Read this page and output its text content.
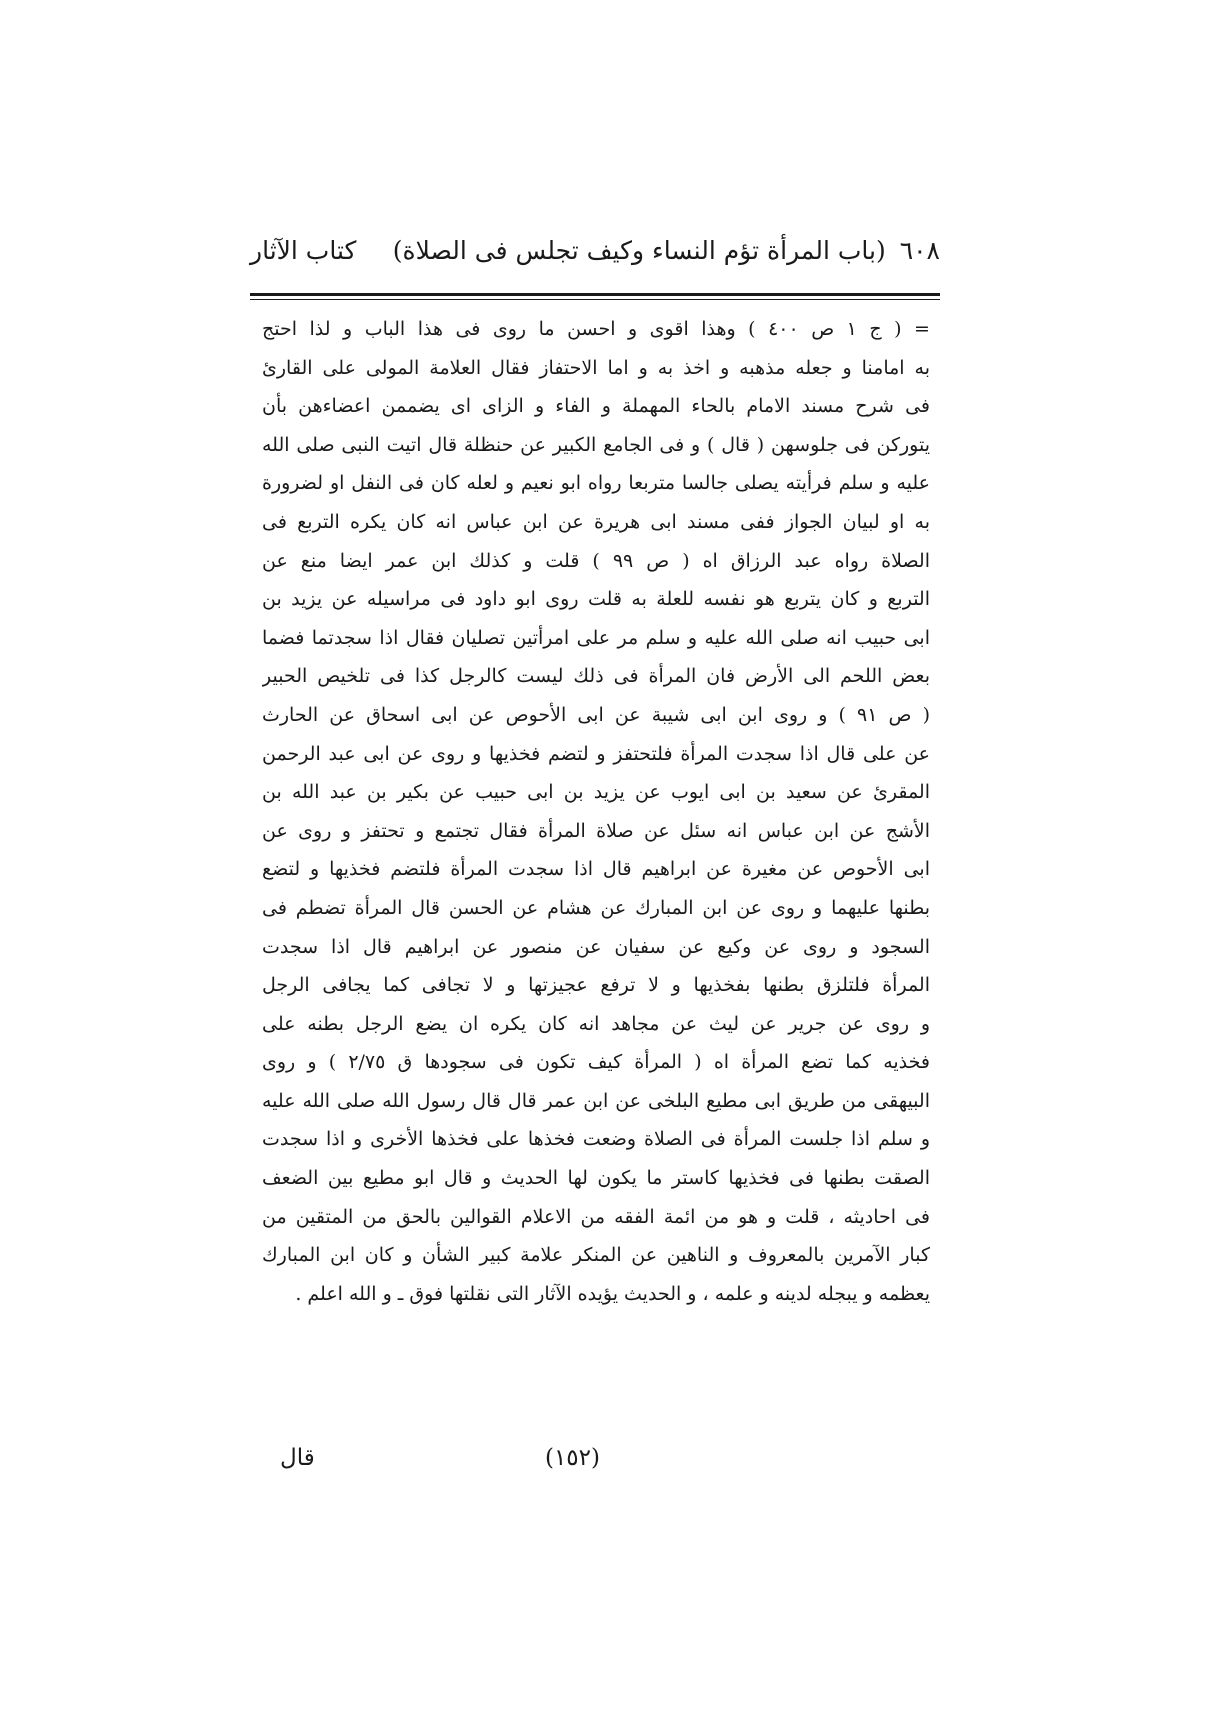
٦٠٨
(باب المرأة تؤم النساء وكيف تجلس فى الصلاة)
كتاب الآثار
= ( ج ١ ص ٤٠٠ ) وهذا اقوى و احسن ما روى فى هذا الباب و لذا احتج
به امامنا و جعله مذهبه و اخذ به و اما الاحتفاز فقال العلامة المولى على القارئ
فى شرح مسند الامام بالحاء المهملة و الفاء و الزاى اى يضممن اعضاءهن بأن
يتوركن فى جلوسهن ( قال ) و فى الجامع الكبير عن حنظلة قال اتيت النبى صلى الله
عليه و سلم فرأيته يصلى جالسا متربعا رواه ابو نعيم و لعله كان فى النفل او لضرورة
به او لبيان الجواز ففى مسند ابى هريرة عن ابن عباس انه كان يكره التربع فى
الصلاة رواه عبد الرزاق اه ( ص ٩٩ ) قلت و كذلك ابن عمر ايضا منع عن
التربع و كان يتربع هو نفسه للعلة به قلت روى ابو داود فى مراسيله عن يزيد بن
ابى حبيب انه صلى الله عليه و سلم مر على امرأتين تصليان فقال اذا سجدتما فضما
بعض اللحم الى الأرض فان المرأة فى ذلك ليست كالرجل كذا فى تلخيص الحبير
( ص ٩١ ) و روى ابن ابى شيبة عن ابى الأحوص عن ابى اسحاق عن الحارث
عن على قال اذا سجدت المرأة فلتحتفز و لتضم فخذيها و روى عن ابى عبد الرحمن
المقرئ عن سعيد بن ابى ايوب عن يزيد بن ابى حبيب عن بكير بن عبد الله بن
الأشج عن ابن عباس انه سئل عن صلاة المرأة فقال تجتمع و تحتفز و روى عن
ابى الأحوص عن مغيرة عن ابراهيم قال اذا سجدت المرأة فلتضم فخذيها و لتضع
بطنها عليهما و روى عن ابن المبارك عن هشام عن الحسن قال المرأة تضطم فى
السجود و روى عن وكيع عن سفيان عن منصور عن ابراهيم قال اذا سجدت
المرأة فلتلزق بطنها بفخذيها و لا ترفع عجيزتها و لا تجافى كما يجافى الرجل
و روى عن جرير عن ليث عن مجاهد انه كان يكره ان يضع الرجل بطنه على
فخذيه كما تضع المرأة اه ( المرأة كيف تكون فى سجودها ق ٢/٧٥ ) و روى
البيهقى من طريق ابى مطيع البلخى عن ابن عمر قال قال رسول الله صلى الله عليه
و سلم اذا جلست المرأة فى الصلاة وضعت فخذها على فخذها الأخرى و اذا سجدت
الصقت بطنها فى فخذيها كاستر ما يكون لها الحديث و قال ابو مطيع بين الضعف
فى احاديثه ، قلت و هو من ائمة الفقه من الاعلام القوالين بالحق من المتقين من
كبار الآمرين بالمعروف و الناهين عن المنكر علامة كبير الشأن و كان ابن المبارك
يعظمه و يبجله لدينه و علمه ، و الحديث يؤيده الآثار التى نقلتها فوق ـ و الله اعلم .
(١٥٢)
قال
